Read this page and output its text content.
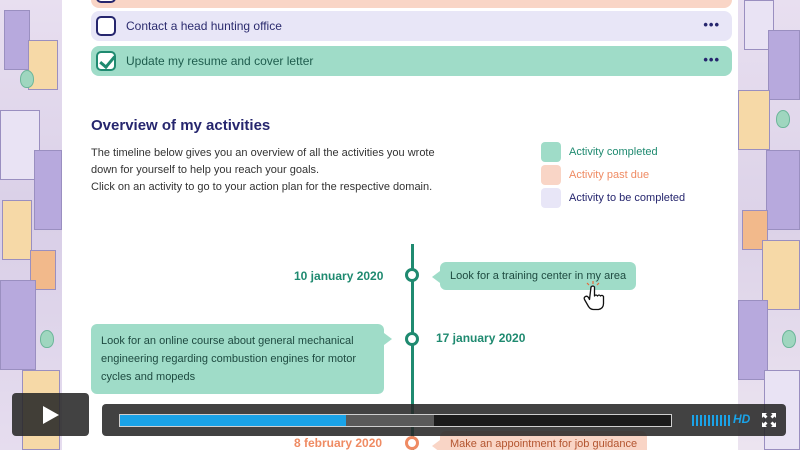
Contact a head hunting office	•••
Update my resume and cover letter	•••
Overview of my activities

The timeline below gives you an overview of all the activities you wrote

down for yourself to help you reach your goals.

Click on an activity to go to your action plan for the respective domain.

Activity completed
Activity past due
Activity to be completed
10 january 2020	Look for a training center in my area
17 january 2020
Look for an online course about general mechanical
engineering regarding combustion engines for motor
cycles and mopeds
8 february 2020	Make an appointment for job guidance
HD
